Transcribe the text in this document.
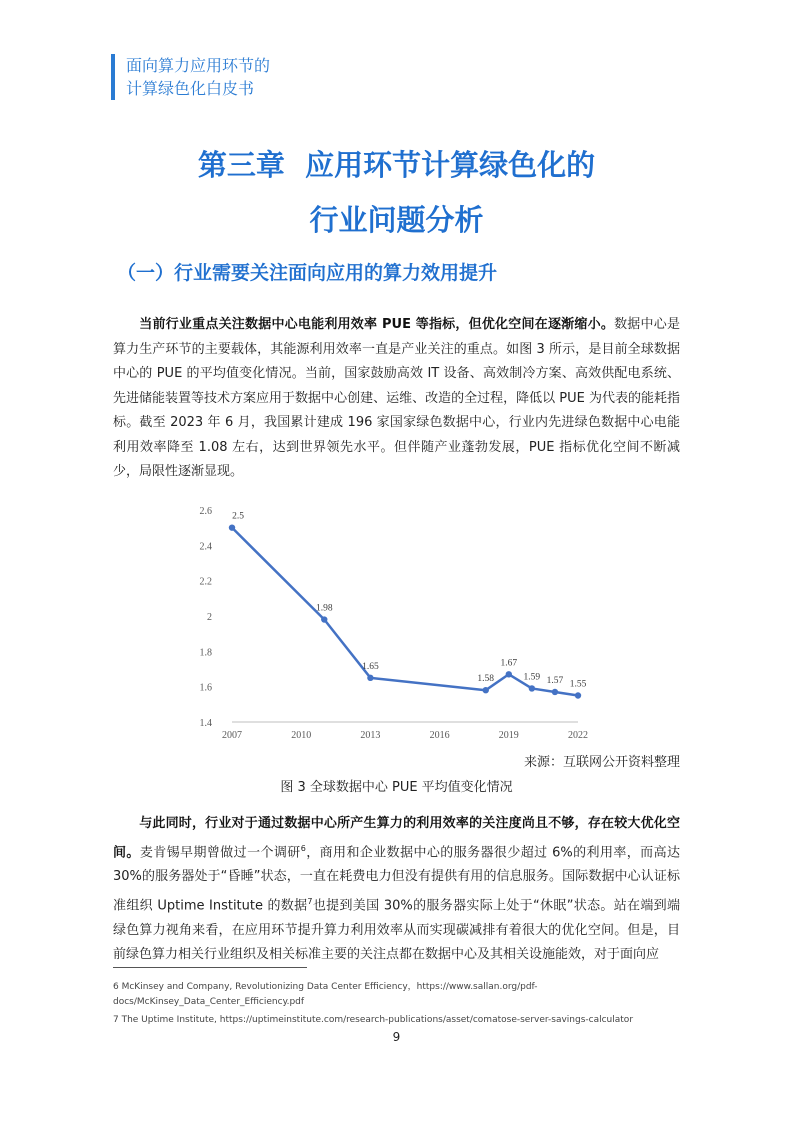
面向算力应用环节的
计算绿色化白皮书
第三章  应用环节计算绿色化的
行业问题分析
（一）行业需要关注面向应用的算力效用提升
当前行业重点关注数据中心电能利用效率 PUE 等指标，但优化空间在逐渐缩小。数据中心是算力生产环节的主要载体，其能源利用效率一直是产业关注的重点。如图 3 所示，是目前全球数据中心的 PUE 的平均值变化情况。当前，国家鼓励高效 IT 设备、高效制冷方案、高效供配电系统、先进储能装置等技术方案应用于数据中心创建、运维、改造的全过程，降低以 PUE 为代表的能耗指标。截至 2023 年 6 月，我国累计建成 196 家国家绿色数据中心，行业内先进绿色数据中心电能利用效率降至 1.08 左右，达到世界领先水平。但伴随产业蓬勃发展，PUE 指标优化空间不断减少，局限性逐渐显现。
1.4
1.6
1.8
2
2.2
2.4
2.6
2007	2010	2013	2016	2019	2022
2.5
1.98
1.65
1.58
1.67
1.59 1.57 1.55
来源：互联网公开资料整理
图 3 全球数据中心 PUE 平均值变化情况
与此同时，行业对于通过数据中心所产生算力的利用效率的关注度尚且不够，存在较大优化空间。麦肯锡早期曾做过一个调研$^6$，商用和企业数据中心的服务器很少超过 6%的利用率，而高达 30%的服务器处于“昏睡”状态，一直在耗费电力但没有提供有用的信息服务。国际数据中心认证标准组织 Uptime Institute 的数据$^7$也提到美国 30%的服务器实际上处于“休眠”状态。站在端到端绿色算力视角来看，在应用环节提升算力利用效率从而实现碳减排有着很大的优化空间。但是，目前绿色算力相关行业组织及相关标准主要的关注点都在数据中心及其相关设施能效，对于面向应
6 McKinsey and Company, Revolutionizing Data Center Efficiency，https://www.sallan.org/pdf-docs/McKinsey_Data_Center_Efficiency.pdf
7 The Uptime Institute, https://uptimeinstitute.com/research-publications/asset/comatose-server-savings-calculator
9
